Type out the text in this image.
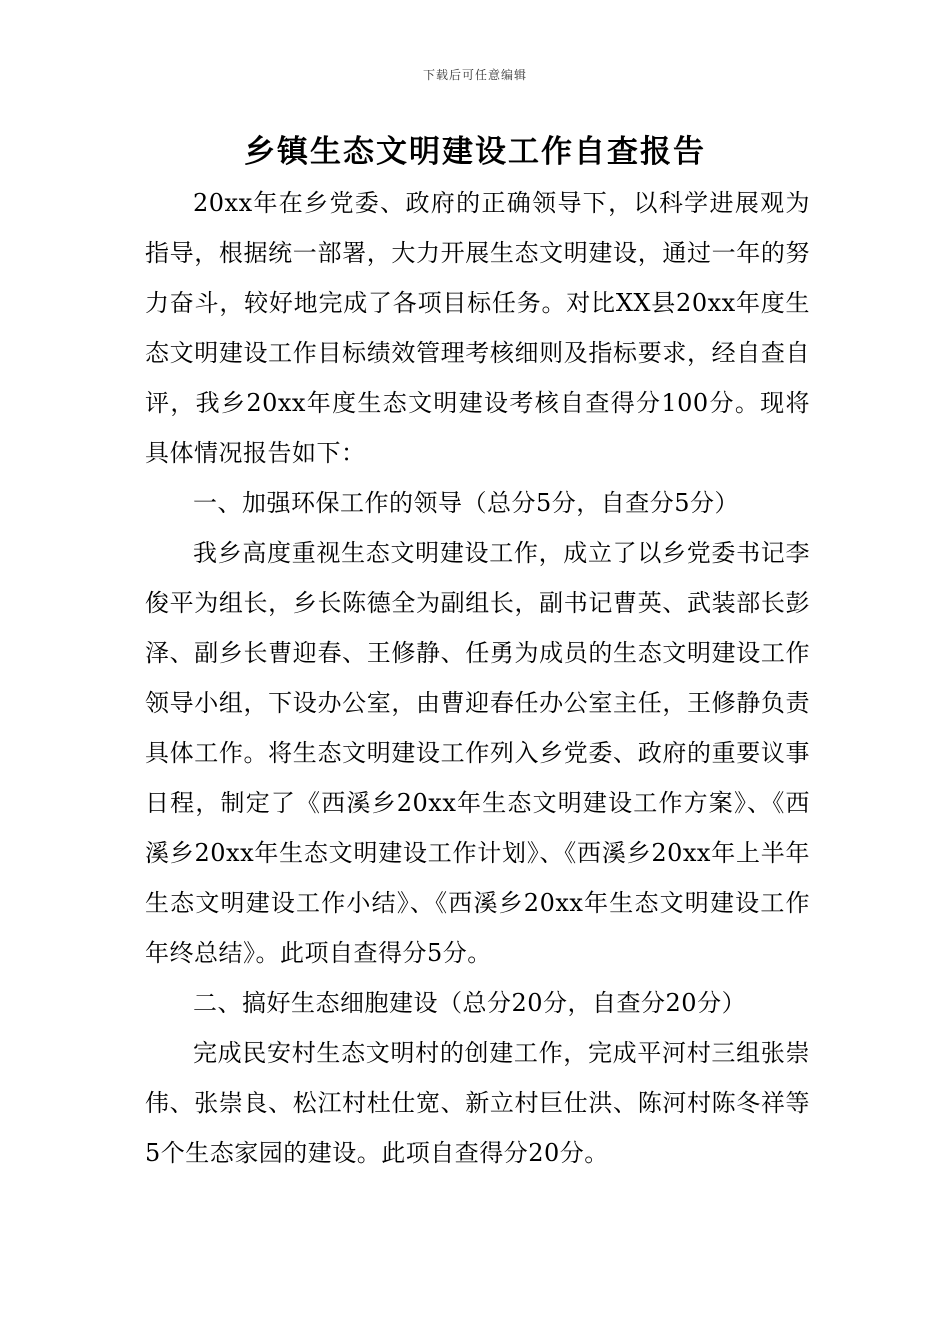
下载后可任意编辑
乡镇生态文明建设工作自查报告

20xx年在乡党委、政府的正确领导下，以科学进展观为指导，根据统一部署，大力开展生态文明建设，通过一年的努力奋斗，较好地完成了各项目标任务。对比XX县20xx年度生态文明建设工作目标绩效管理考核细则及指标要求，经自查自评，我乡20xx年度生态文明建设考核自查得分100分。现将具体情况报告如下：

一、加强环保工作的领导（总分5分，自查分5分）

我乡高度重视生态文明建设工作，成立了以乡党委书记李俊平为组长，乡长陈德全为副组长，副书记曹英、武装部长彭泽、副乡长曹迎春、王修静、任勇为成员的生态文明建设工作领导小组，下设办公室，由曹迎春任办公室主任，王修静负责具体工作。将生态文明建设工作列入乡党委、政府的重要议事日程，制定了《西溪乡20xx年生态文明建设工作方案》、《西溪乡20xx年生态文明建设工作计划》、《西溪乡20xx年上半年生态文明建设工作小结》、《西溪乡20xx年生态文明建设工作年终总结》。此项自查得分5分。

二、搞好生态细胞建设（总分20分，自查分20分）

完成民安村生态文明村的创建工作，完成平河村三组张崇伟、张崇良、松江村杜仕宽、新立村巨仕洪、陈河村陈冬祥等5个生态家园的建设。此项自查得分20分。
